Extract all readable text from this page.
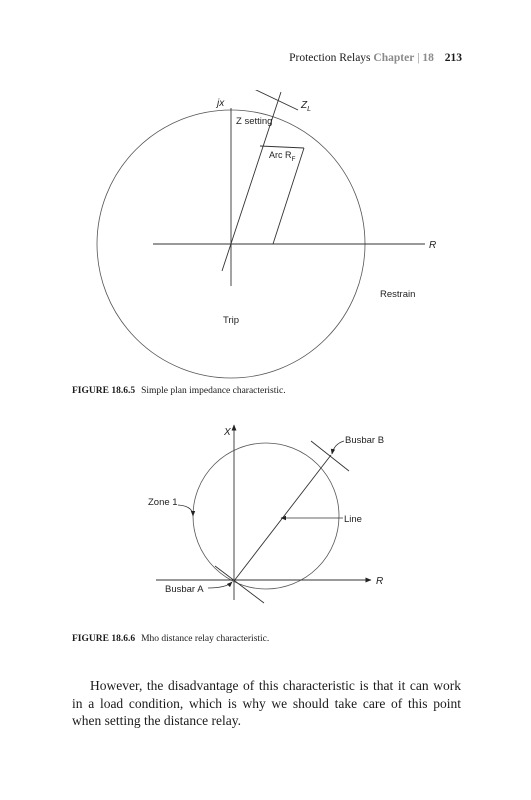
Protection Relays Chapter | 18 213
jx
Z setting
$Z_L$
Arc $R_F$
R
Restrain
Trip
FIGURE 18.6.5 Simple plan impedance characteristic.
X
Busbar B
Zone 1
Line
R
Busbar A
FIGURE 18.6.6 Mho distance relay characteristic.

However, the disadvantage of this characteristic is that it can work in a load condition, which is why we should take care of this point when setting the distance relay.
